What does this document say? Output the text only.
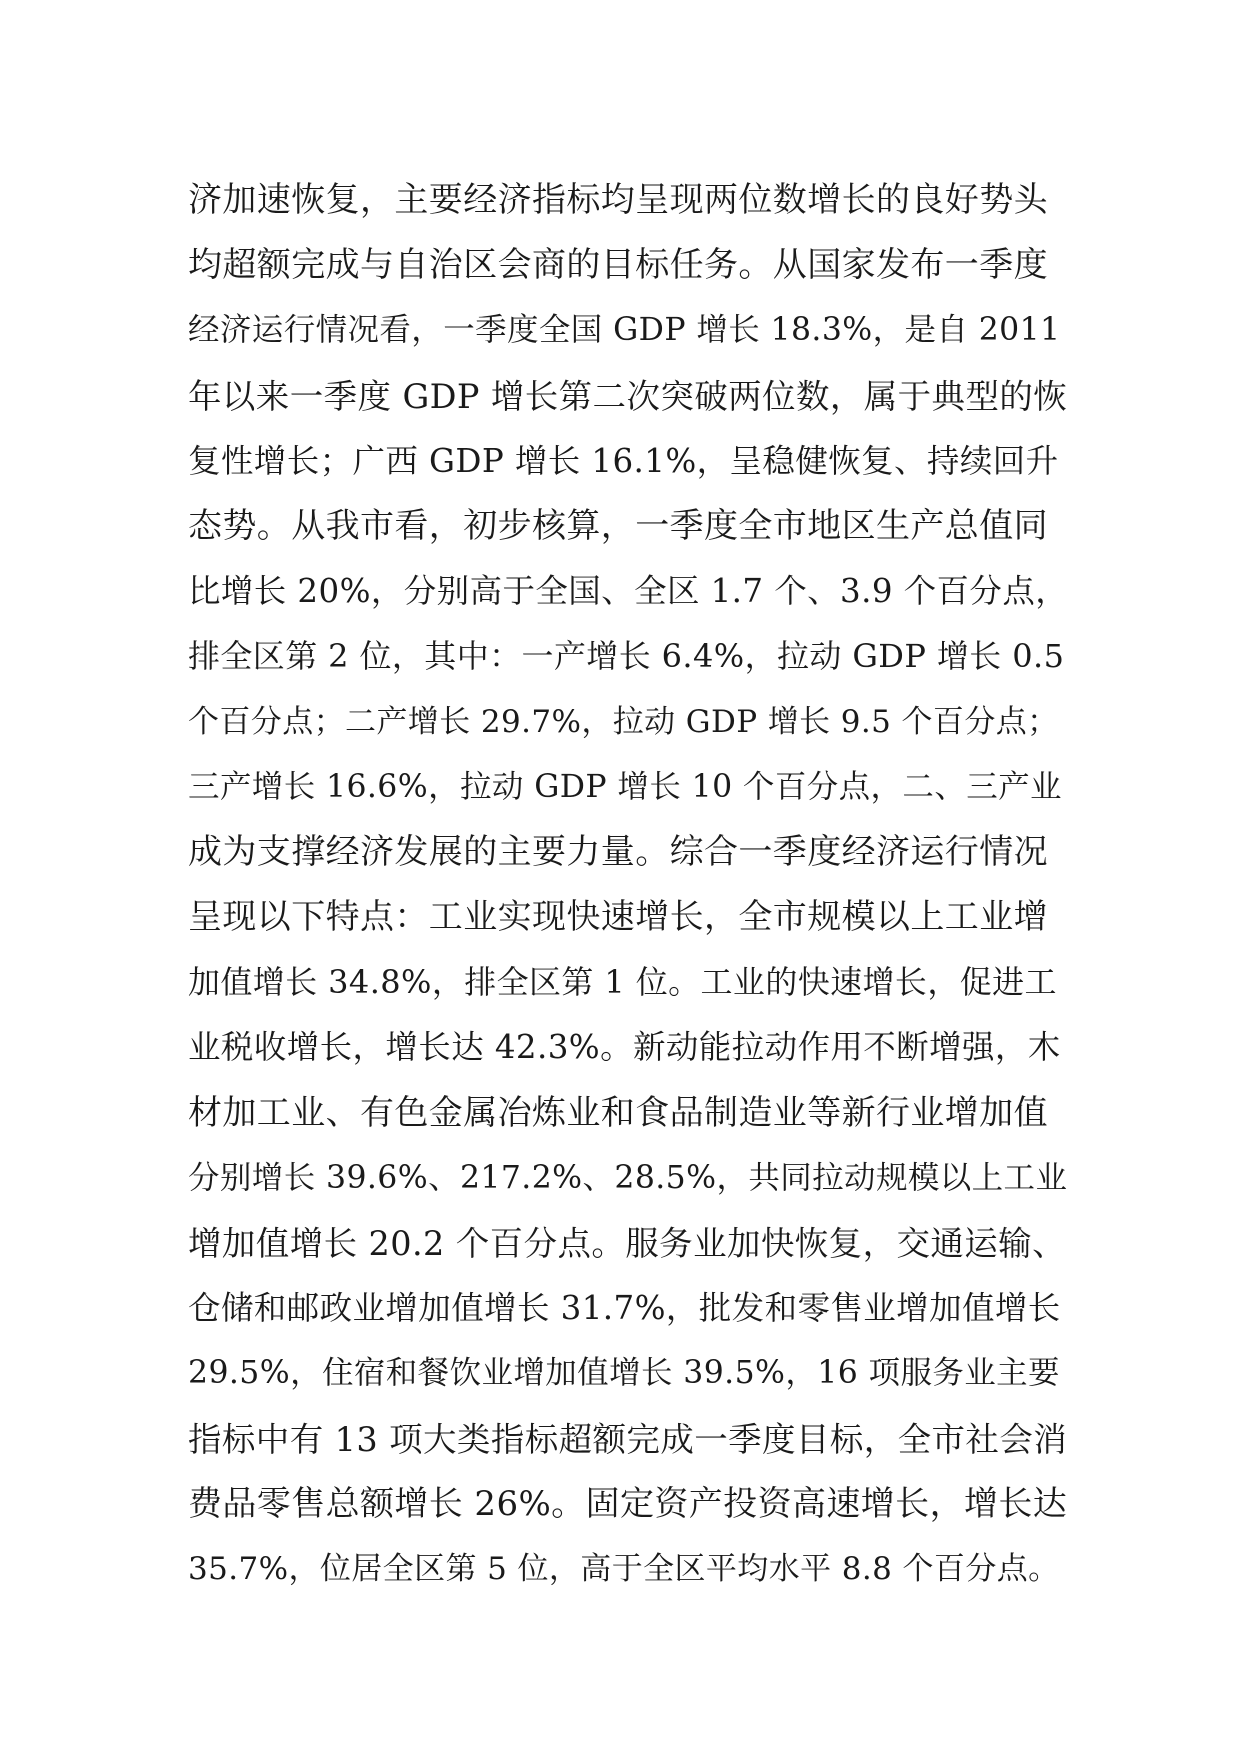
济加速恢复，主要经济指标均呈现两位数增长的良好势头
均超额完成与自治区会商的目标任务。从国家发布一季度
经济运行情况看，一季度全国 GDP 增长 18.3%，是自 2011
年以来一季度 GDP 增长第二次突破两位数，属于典型的恢
复性增长；广西 GDP 增长 16.1%，呈稳健恢复、持续回升
态势。从我市看，初步核算，一季度全市地区生产总值同
比增长 20%，分别高于全国、全区 1.7 个、3.9 个百分点，
排全区第 2 位，其中：一产增长 6.4%，拉动 GDP 增长 0.5
个百分点；二产增长 29.7%，拉动 GDP 增长 9.5 个百分点；
三产增长 16.6%，拉动 GDP 增长 10 个百分点，二、三产业
成为支撑经济发展的主要力量。综合一季度经济运行情况
呈现以下特点：工业实现快速增长，全市规模以上工业增
加值增长 34.8%，排全区第 1 位。工业的快速增长，促进工
业税收增长，增长达 42.3%。新动能拉动作用不断增强，木
材加工业、有色金属冶炼业和食品制造业等新行业增加值
分别增长 39.6%、217.2%、28.5%，共同拉动规模以上工业
增加值增长 20.2 个百分点。服务业加快恢复，交通运输、
仓储和邮政业增加值增长 31.7%，批发和零售业增加值增长
29.5%，住宿和餐饮业增加值增长 39.5%，16 项服务业主要
指标中有 13 项大类指标超额完成一季度目标，全市社会消
费品零售总额增长 26%。固定资产投资高速增长，增长达
35.7%，位居全区第 5 位，高于全区平均水平 8.8 个百分点。
